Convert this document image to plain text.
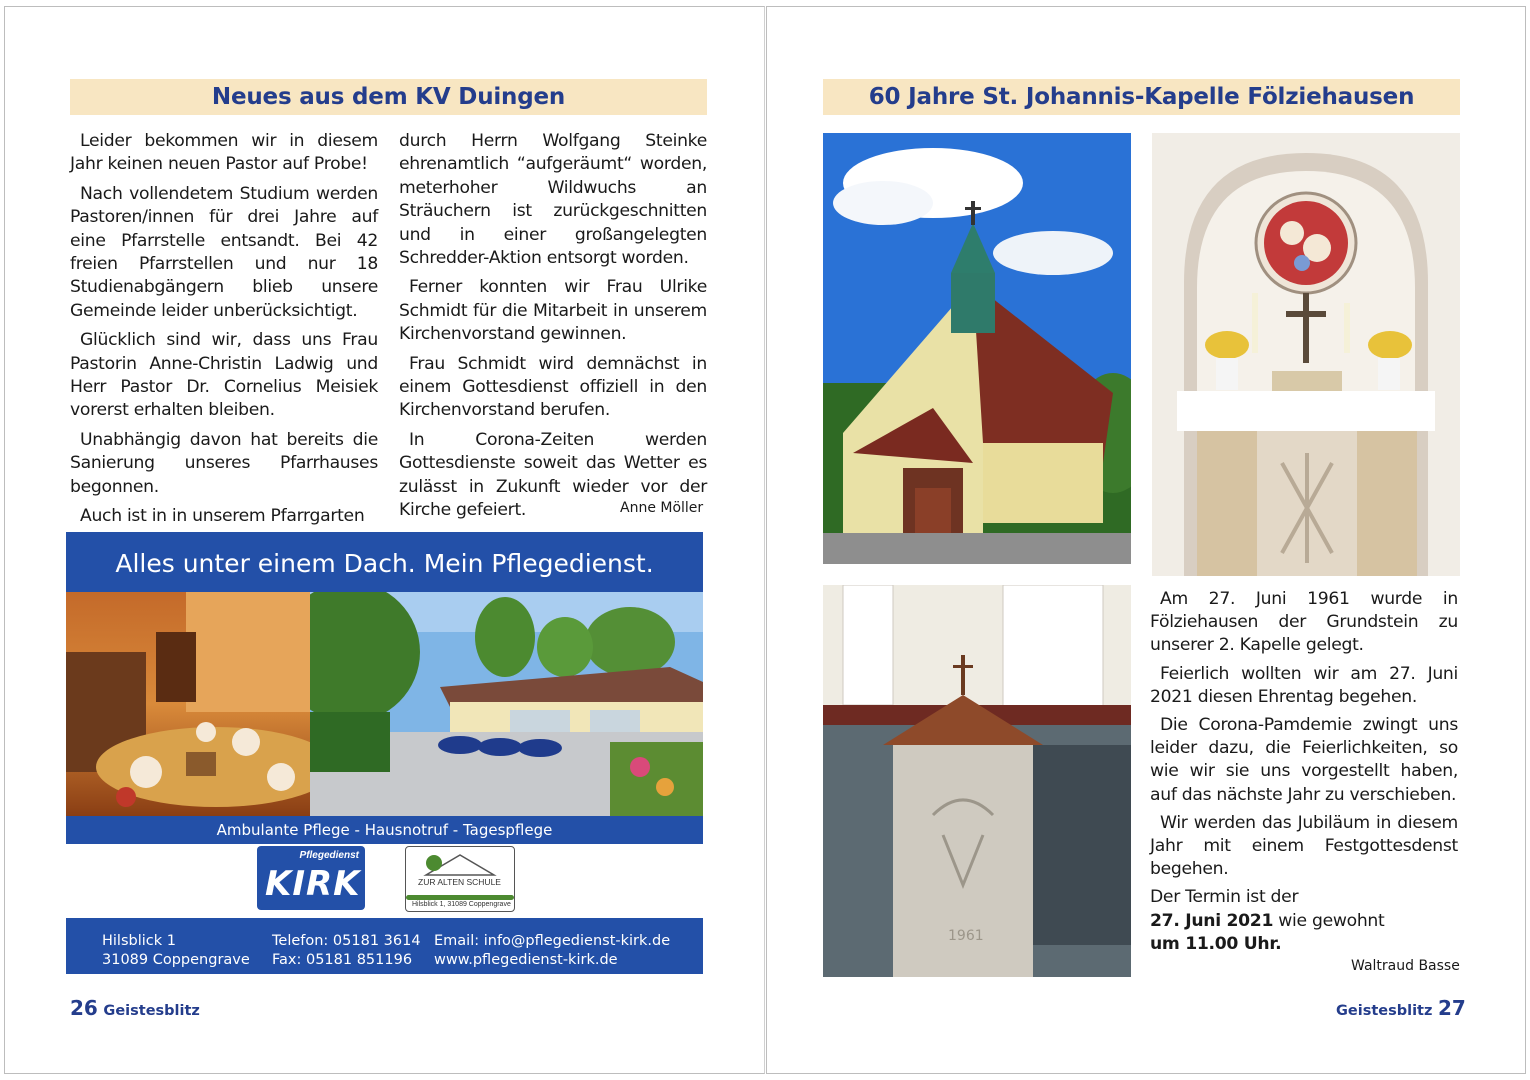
Neues aus dem KV Duingen

Leider bekommen wir in diesem Jahr keinen neuen Pastor auf Probe!

Nach vollendetem Studium werden Pastoren/innen für drei Jahre auf eine Pfarrstelle entsandt. Bei 42 freien Pfarrstellen und nur 18 Studienabgängern blieb unsere Gemeinde leider unberücksichtigt.

Glücklich sind wir, dass uns Frau Pastorin Anne-Christin Ladwig und Herr Pastor Dr. Cornelius Meisiek vorerst erhalten bleiben.

Unabhängig davon hat bereits die Sanierung unseres Pfarrhauses begonnen.

Auch ist in in unserem Pfarrgarten

durch Herrn Wolfgang Steinke ehrenamtlich “aufgeräumt“ worden, meterhoher Wildwuchs an Sträuchern ist zurückgeschnitten und in einer großangelegten Schredder-Aktion entsorgt worden.

Ferner konnten wir Frau Ulrike Schmidt für die Mitarbeit in unserem Kirchenvorstand gewinnen.

Frau Schmidt wird demnächst in einem Gottesdienst offiziell in den Kirchenvorstand berufen.

In Corona-Zeiten werden Gottesdienste soweit das Wetter es zulässt in Zukunft wieder vor der Kirche gefeiert.	Anne Möller
Alles unter einem Dach. Mein Pflegedienst.
Ambulante Pflege - Hausnotruf - Tagespflege
Pflegedienst
KIRK	ZUR ALTEN SCHULE
Hilsblick 1, 31089 Coppengrave
Hilsblick 1
31089 Coppengrave
Telefon: 05181 3614
Fax: 05181 851196
Email: info@pflegedienst-kirk.de
www.pflegedienst-kirk.de
26 Geistesblitz
60 Jahre St. Johannis-Kapelle Fölziehausen
1961

Am 27. Juni 1961 wurde in Fölziehausen der Grundstein zu unserer 2. Kapelle gelegt.

Feierlich wollten wir am 27. Juni 2021 diesen Ehrentag begehen.

Die Corona-Pamdemie zwingt uns leider dazu, die Feierlichkeiten, so wie wir sie uns vorgestellt haben, auf das nächste Jahr zu verschieben.

Wir werden das Jubiläum in diesem Jahr mit einem Festgottesdenst begehen.

Der Termin ist der
27. Juni 2021 wie gewohnt
um 11.00 Uhr.
Waltraud Basse
Geistesblitz 27
